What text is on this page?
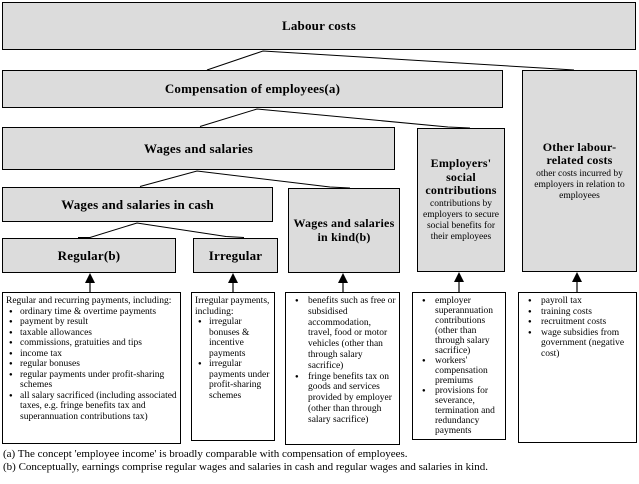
Labour costs
Compensation of employees(a)
Other labour-related costs
other costs incurred by employers in relation to employees
Wages and salaries
Employers' social contributions
contributions by employers to secure social benefits for their employees
Wages and salaries in cash
Wages and salaries in kind(b)
Regular(b)	Irregular
Regular and recurring payments, including:
● ordinary time & overtime payments
● payment by result
● taxable allowances
● commissions, gratuities and tips
● income tax
● regular bonuses
● regular payments under profit-sharing schemes
● all salary sacrificed (including associated taxes, e.g. fringe benefits tax and superannuation contributions tax)
Irregular payments, including:
● irregular bonuses & incentive payments
● irregular payments under profit-sharing schemes
● benefits such as free or subsidised accommodation, travel, food or motor vehicles (other than through salary sacrifice)
● fringe benefits tax on goods and services provided by employer (other than through salary sacrifice)
● employer superannuation contributions (other than through salary sacrifice)
● workers' compensation premiums
● provisions for severance, termination and redundancy payments
● payroll tax
● training costs
● recruitment costs
● wage subsidies from government (negative cost)
(a) The concept 'employee income' is broadly comparable with compensation of employees.
(b) Conceptually, earnings comprise regular wages and salaries in cash and regular wages and salaries in kind.
